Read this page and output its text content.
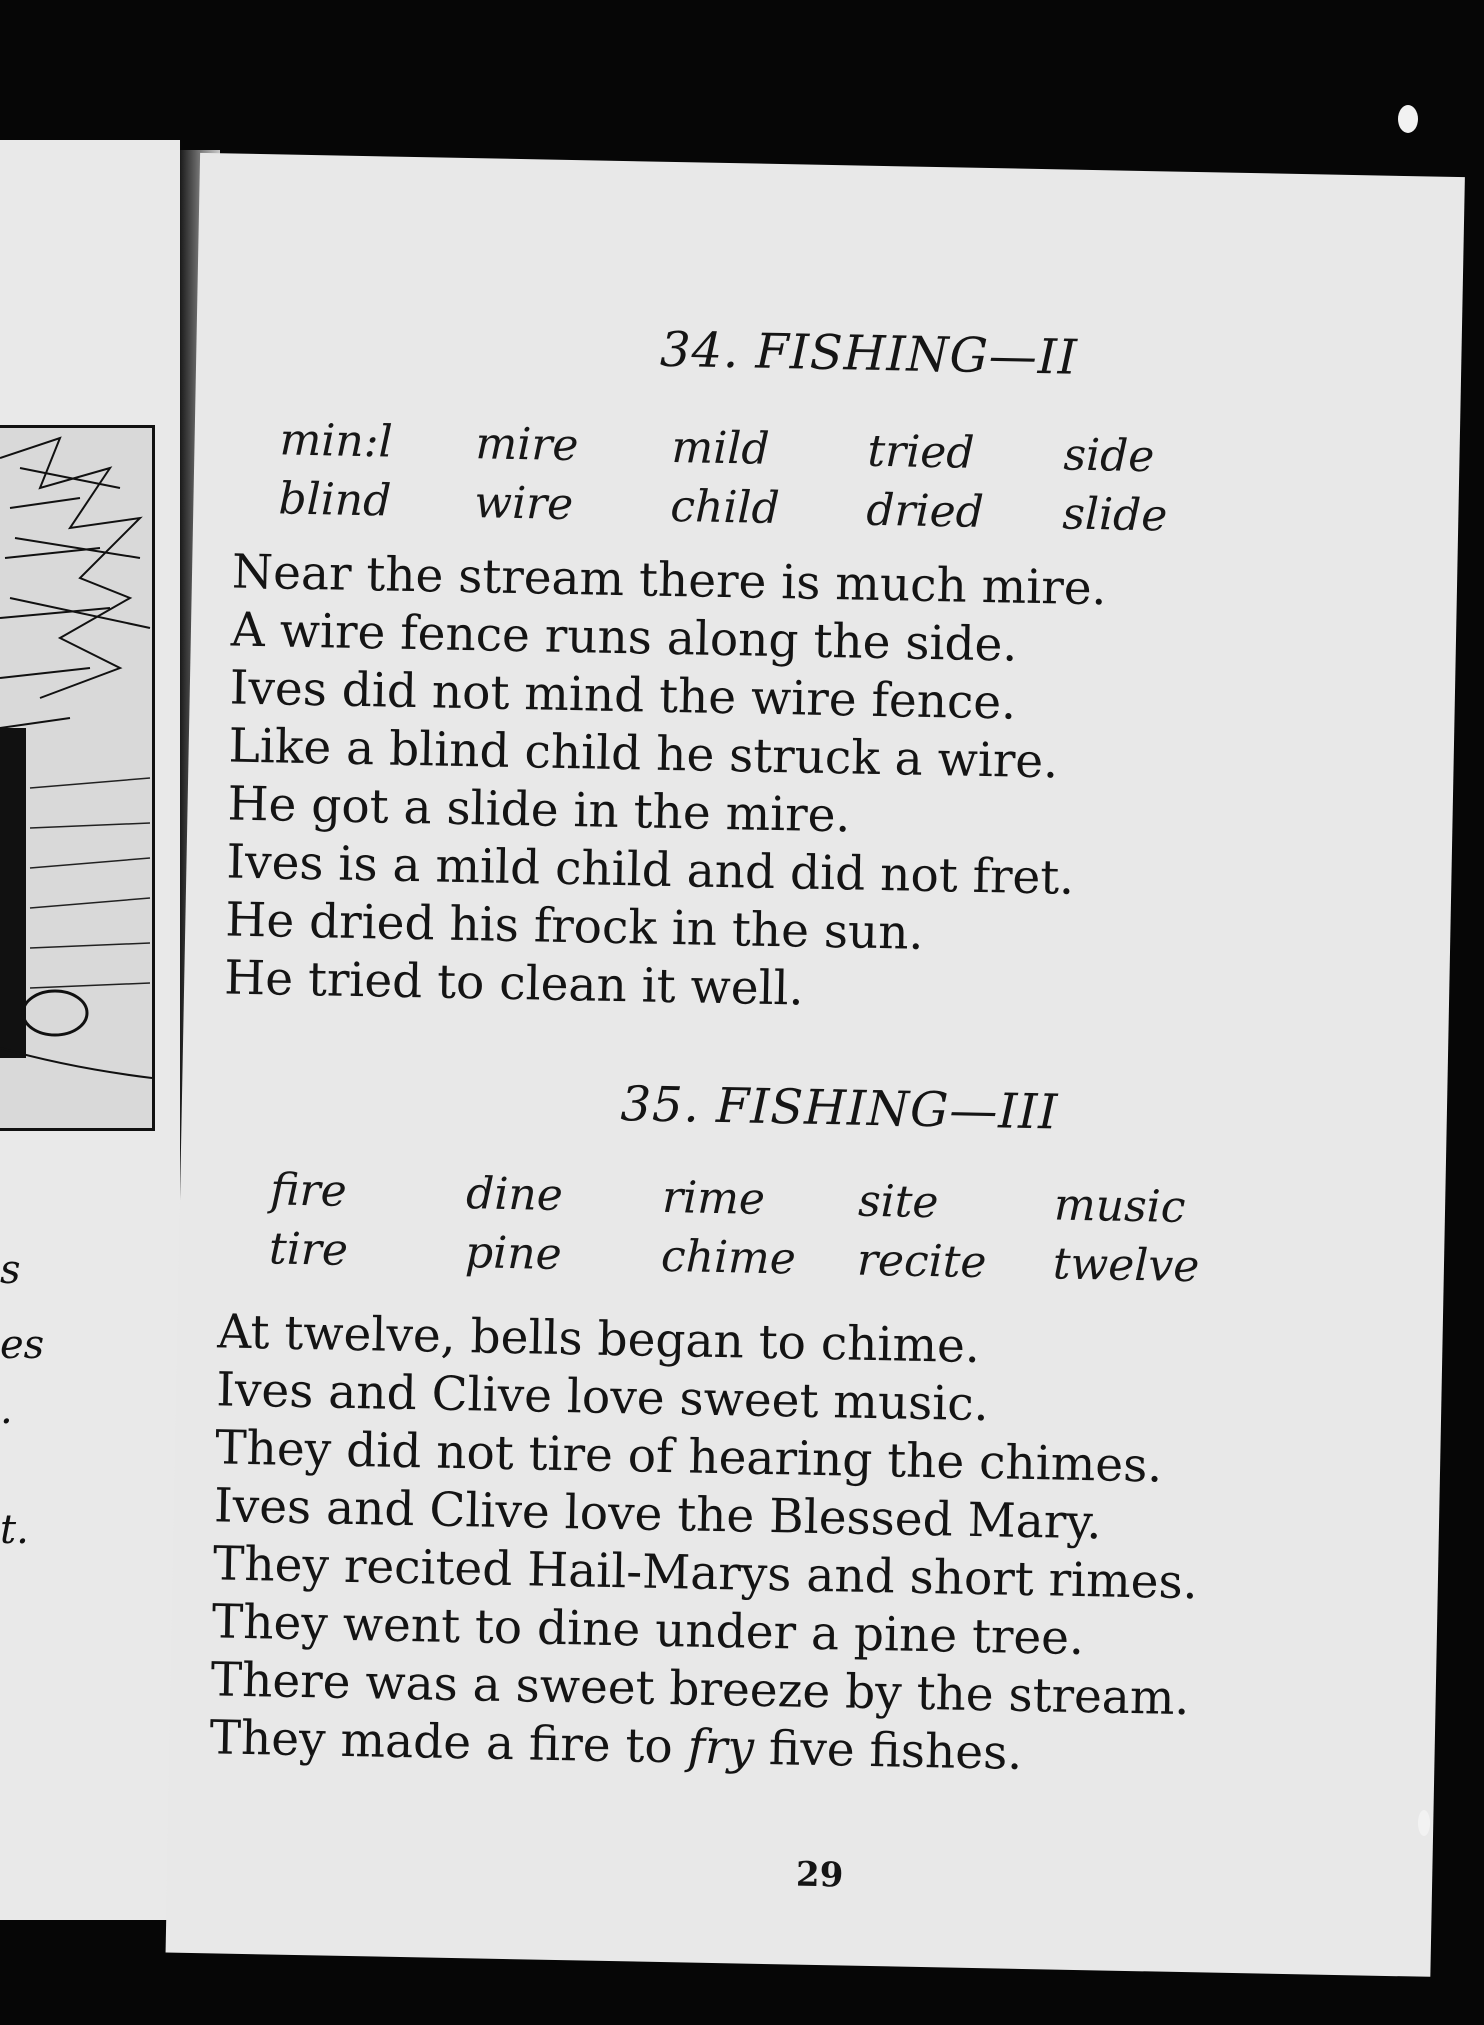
s
es
.
t.
34. FISHING—II
min:l	mire	mild	tried	side
blind	wire	child	dried	slide
Near the stream there is much mire.
A wire fence runs along the side.
Ives did not mind the wire fence.
Like a blind child he struck a wire.
He got a slide in the mire.
Ives is a mild child and did not fret.
He dried his frock in the sun.
He tried to clean it well.
35. FISHING—III
fire	dine	rime	site	music
tire	pine	chime	recite	twelve
At twelve, bells began to chime.
Ives and Clive love sweet music.
They did not tire of hearing the chimes.
Ives and Clive love the Blessed Mary.
They recited Hail-Marys and short rimes.
They went to dine under a pine tree.
There was a sweet breeze by the stream.
They made a fire to fry five fishes.
29
